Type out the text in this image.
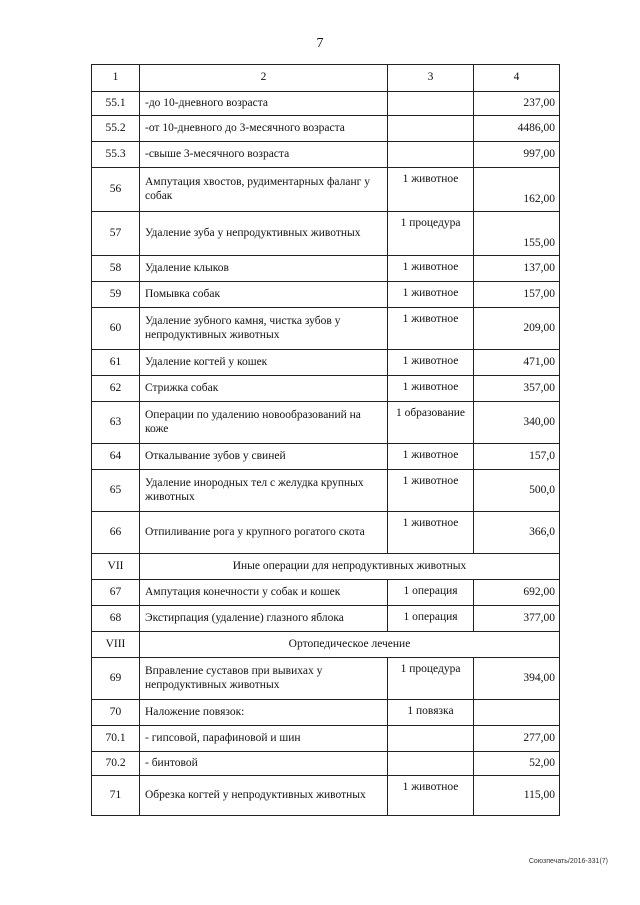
7
1	2	3	4
55.1	-до 10-дневного возраста		237,00
55.2	-от 10-дневного до 3-месячного возраста		4486,00
55.3	-свыше 3-месячного возраста		997,00
56	Ампутация хвостов, рудиментарных фаланг у собак	1 животное	162,00
57	Удаление зуба у непродуктивных животных	1 процедура	155,00
58	Удаление клыков	1 животное	137,00
59	Помывка собак	1 животное	157,00
60	Удаление зубного камня, чистка зубов у непродуктивных животных	1 животное	209,00
61	Удаление когтей у кошек	1 животное	471,00
62	Стрижка собак	1 животное	357,00
63	Операции по удалению новообразований на коже	1 образование	340,00
64	Откалывание зубов у свиней	1 животное	157,0
65	Удаление инородных тел с желудка крупных животных	1 животное	500,0
66	Отпиливание рога у крупного рогатого скота	1 животное	366,0
VII	Иные операции для непродуктивных животных		
67	Ампутация конечности у собак и кошек	1 операция	692,00
68	Экстирпация (удаление) глазного яблока	1 операция	377,00
VIII	Ортопедическое лечение		
69	Вправление суставов при вывихах у непродуктивных животных	1 процедура	394,00
70	Наложение повязок:	1 повязка	
70.1	- гипсовой, парафиновой и шин		277,00
70.2	- бинтовой		52,00
71	Обрезка когтей у непродуктивных животных	1 животное	115,00
Союзпечать/2016-331(7)
